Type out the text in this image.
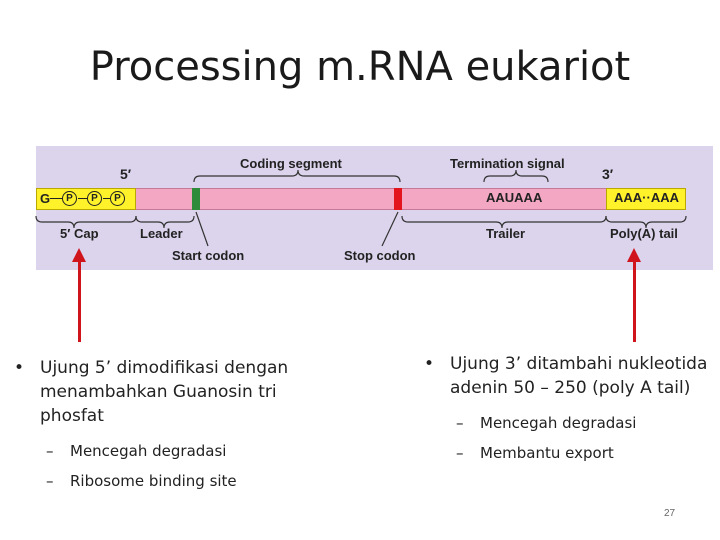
Processing m.RNA eukariot
5′	3′
Coding segment	Termination signal
G	P	P	P	AAUAAA	AAA··AAA
5′ Cap	Leader
Start codon	Stop codon
Trailer	Poly(A) tail
• Ujung 5’ dimodifikasi dengan menambahkan Guanosin tri phosfat
–	Mencegah degradasi
–	Ribosome binding site
• Ujung 3’ ditambahi nukleotida adenin 50 – 250 (poly A tail)
–	Mencegah degradasi
–	Membantu export
27
